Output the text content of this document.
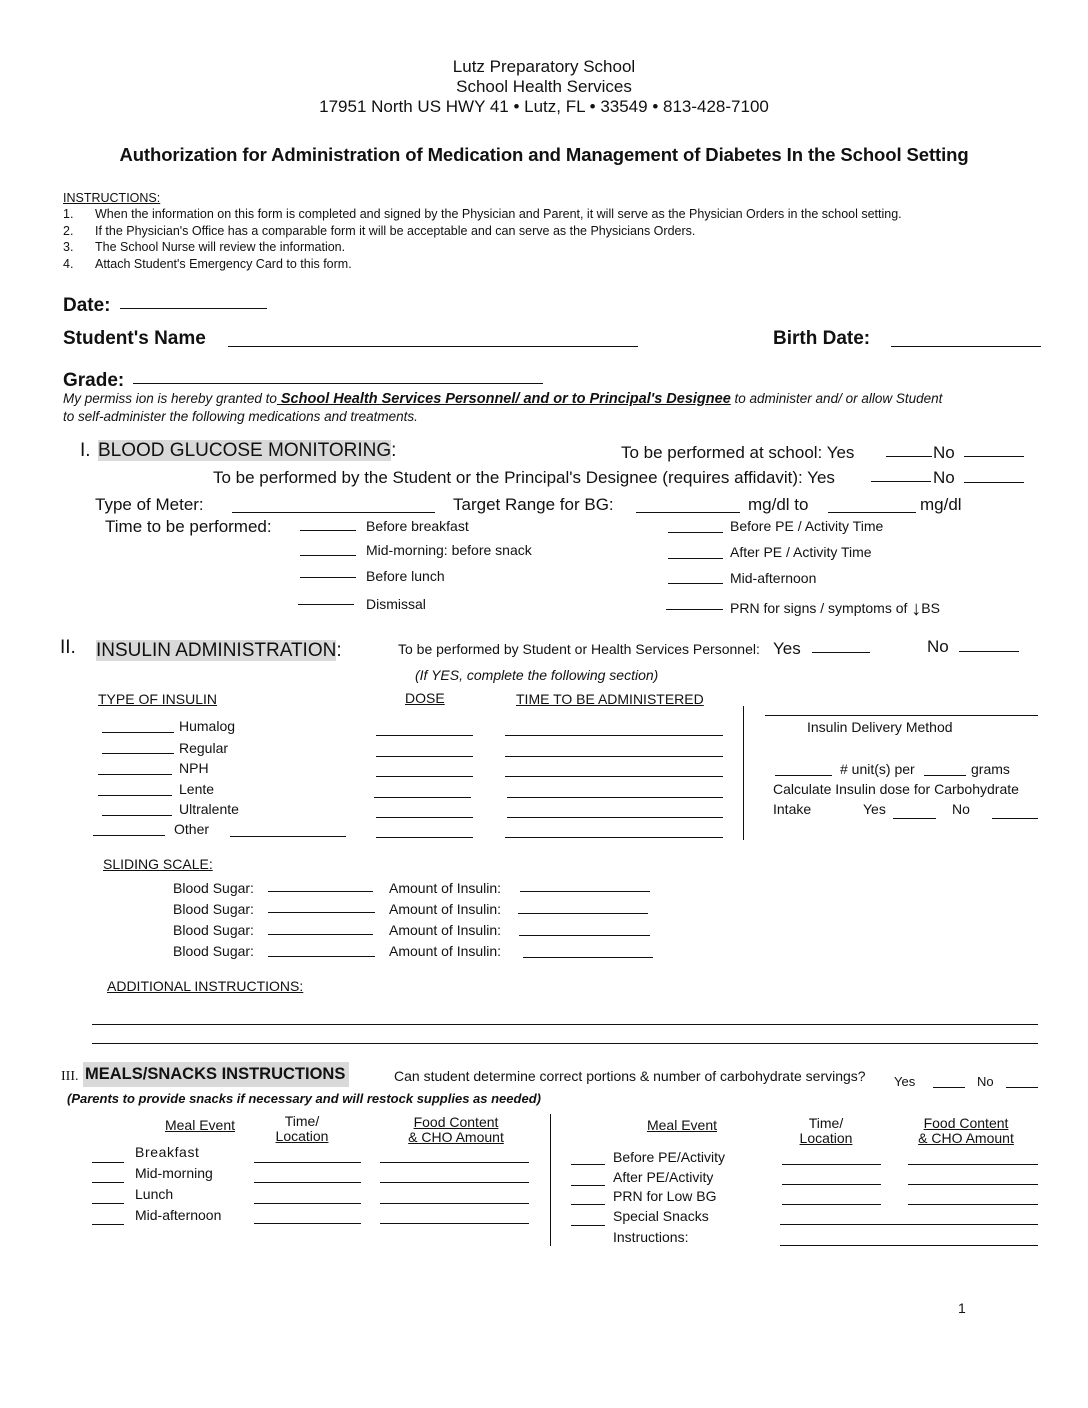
Lutz Preparatory School
School Health Services
17951 North US HWY 41 • Lutz, FL • 33549 • 813-428-7100
Authorization for Administration of Medication and Management of Diabetes In the School Setting
INSTRUCTIONS:
1. When the information on this form is completed and signed by the Physician and Parent, it will serve as the Physician Orders in the school setting.
2. If the Physician's Office has a comparable form it will be acceptable and can serve as the Physicians Orders.
3. The School Nurse will review the information.
4. Attach Student's Emergency Card to this form.
Date:
Student's Name	Birth Date:
Grade:
My permiss ion is hereby granted to School Health Services Personnel/ and or to Principal's Designee to administer and/ or allow Student
to self-administer the following medications and treatments.
I. BLOOD GLUCOSE MONITORING:	To be performed at school: Yes	No
To be performed by the Student or the Principal's Designee (requires affidavit): Yes	No
Type of Meter:	Target Range for BG:	mg/dl to	mg/dl
Time to be performed:	Before breakfast
Mid-morning: before snack
Before lunch
Dismissal
Before PE / Activity Time
After PE / Activity Time
Mid-afternoon
PRN for signs / symptoms of ↓BS
II. INSULIN ADMINISTRATION:	To be performed by Student or Health Services Personnel: Yes	No
(If YES, complete the following section)
TYPE OF INSULIN	DOSE	TIME TO BE ADMINISTERED
Humalog
Regular
NPH
Lente
Ultralente
Other
Insulin Delivery Method
# unit(s) per	grams
Calculate Insulin dose for Carbohydrate
Intake	Yes	No
SLIDING SCALE:
Blood Sugar:	Amount of Insulin:
Blood Sugar:	Amount of Insulin:
Blood Sugar:	Amount of Insulin:
Blood Sugar:	Amount of Insulin:
ADDITIONAL INSTRUCTIONS:
III. MEALS/SNACKS INSTRUCTIONS	Can student determine correct portions & number of carbohydrate servings? Yes	No
(Parents to provide snacks if necessary and will restock supplies as needed)
Meal Event	Time/
Location
Food Content
& CHO Amount
Breakfast
Mid-morning
Lunch
Mid-afternoon
Meal Event	Time/
Location
Food Content
& CHO Amount
Before PE/Activity
After PE/Activity
PRN for Low BG
Special Snacks
Instructions:
1
